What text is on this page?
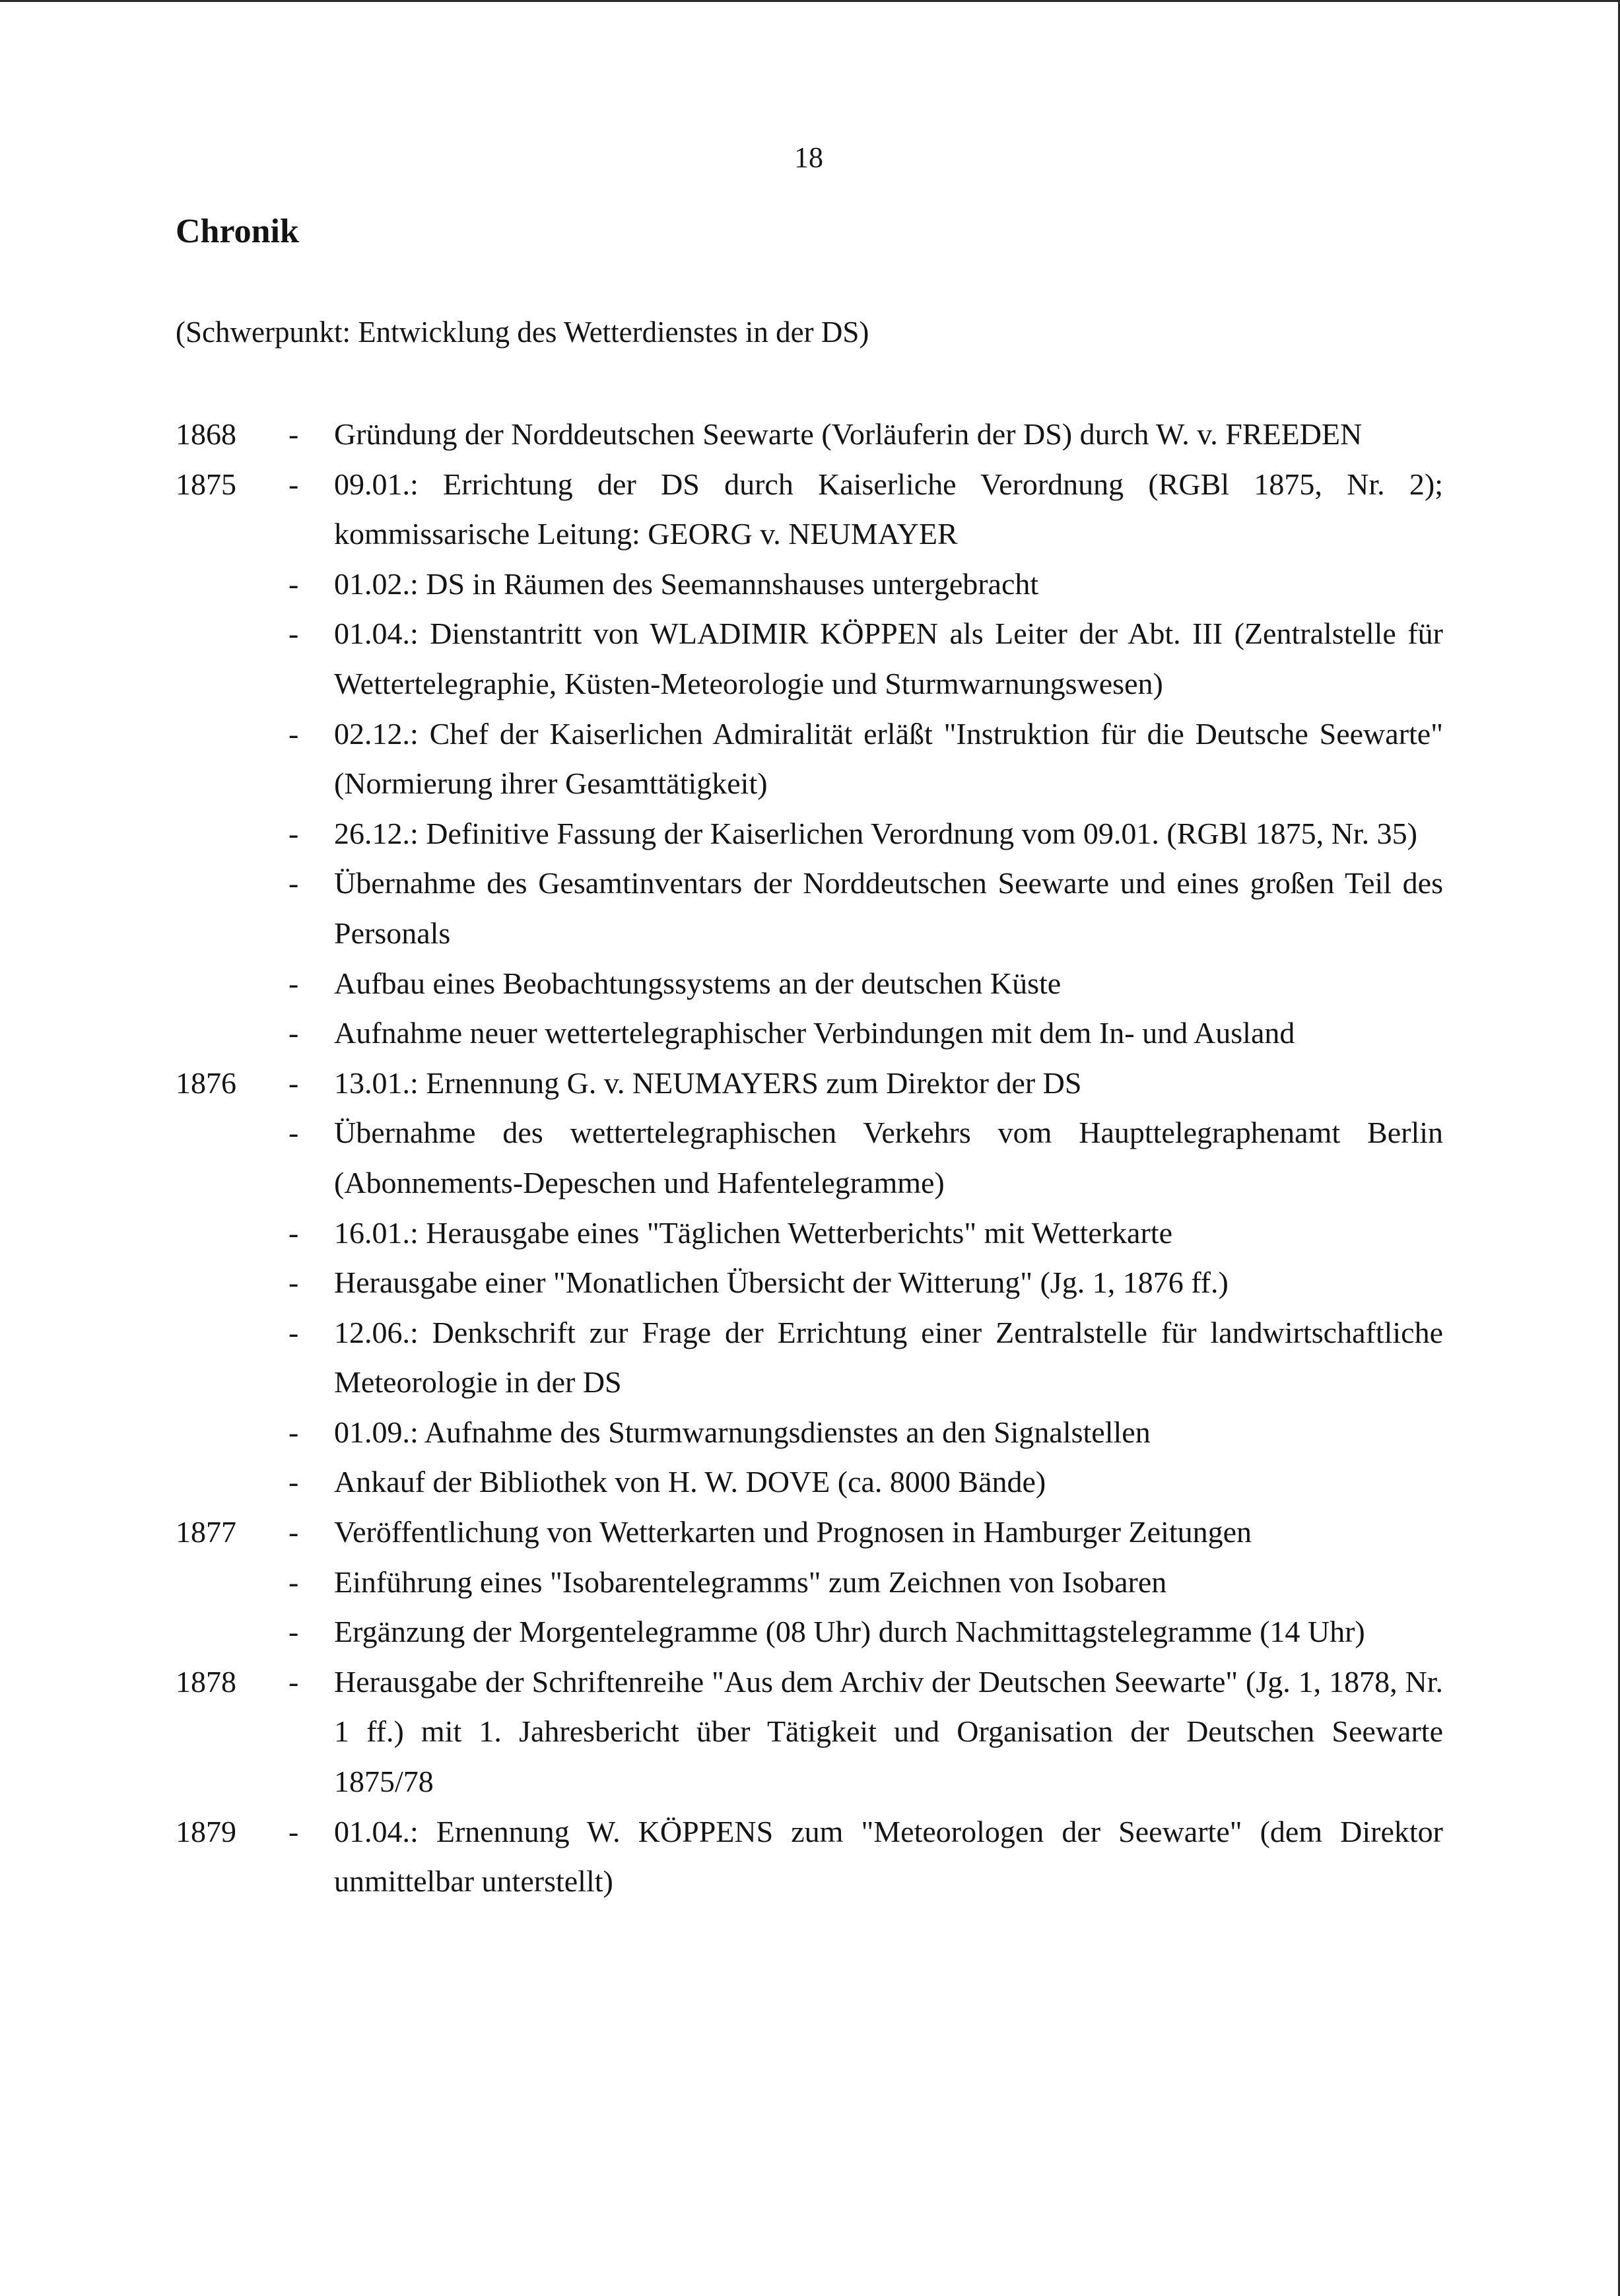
18
Chronik

(Schwerpunkt: Entwicklung des Wetterdienstes in der DS)

1868	-	Gründung der Norddeutschen Seewarte (Vorläuferin der DS) durch W. v. FREEDEN
1875	-	09.01.: Errichtung der DS durch Kaiserliche Verordnung (RGBl 1875, Nr. 2); kommissarische Leitung: GEORG v. NEUMAYER
-	01.02.: DS in Räumen des Seemannshauses untergebracht
-	01.04.: Dienstantritt von WLADIMIR KÖPPEN als Leiter der Abt. III (Zentralstelle für Wettertelegraphie, Küsten-Meteorologie und Sturmwarnungswesen)
-	02.12.: Chef der Kaiserlichen Admiralität erläßt "Instruktion für die Deutsche Seewarte" (Normierung ihrer Gesamttätigkeit)
-	26.12.: Definitive Fassung der Kaiserlichen Verordnung vom 09.01. (RGBl 1875, Nr. 35)
-	Übernahme des Gesamtinventars der Norddeutschen Seewarte und eines großen Teil des Personals
-	Aufbau eines Beobachtungssystems an der deutschen Küste
-	Aufnahme neuer wettertelegraphischer Verbindungen mit dem In- und Ausland
1876	-	13.01.: Ernennung G. v. NEUMAYERS zum Direktor der DS
-	Übernahme des wettertelegraphischen Verkehrs vom Haupttelegraphenamt Berlin (Abonnements-Depeschen und Hafentelegramme)
-	16.01.: Herausgabe eines "Täglichen Wetterberichts" mit Wetterkarte
-	Herausgabe einer "Monatlichen Übersicht der Witterung" (Jg. 1, 1876 ff.)
-	12.06.: Denkschrift zur Frage der Errichtung einer Zentralstelle für landwirtschaftliche Meteorologie in der DS
-	01.09.: Aufnahme des Sturmwarnungsdienstes an den Signalstellen
-	Ankauf der Bibliothek von H. W. DOVE (ca. 8000 Bände)
1877	-	Veröffentlichung von Wetterkarten und Prognosen in Hamburger Zeitungen
-	Einführung eines "Isobarentelegramms" zum Zeichnen von Isobaren
-	Ergänzung der Morgentelegramme (08 Uhr) durch Nachmittagstelegramme (14 Uhr)
1878	-	Herausgabe der Schriftenreihe "Aus dem Archiv der Deutschen Seewarte" (Jg. 1, 1878, Nr. 1 ff.) mit 1. Jahresbericht über Tätigkeit und Organisation der Deutschen Seewarte 1875/78
1879	-	01.04.: Ernennung W. KÖPPENS zum "Meteorologen der Seewarte" (dem Direktor unmittelbar unterstellt)
